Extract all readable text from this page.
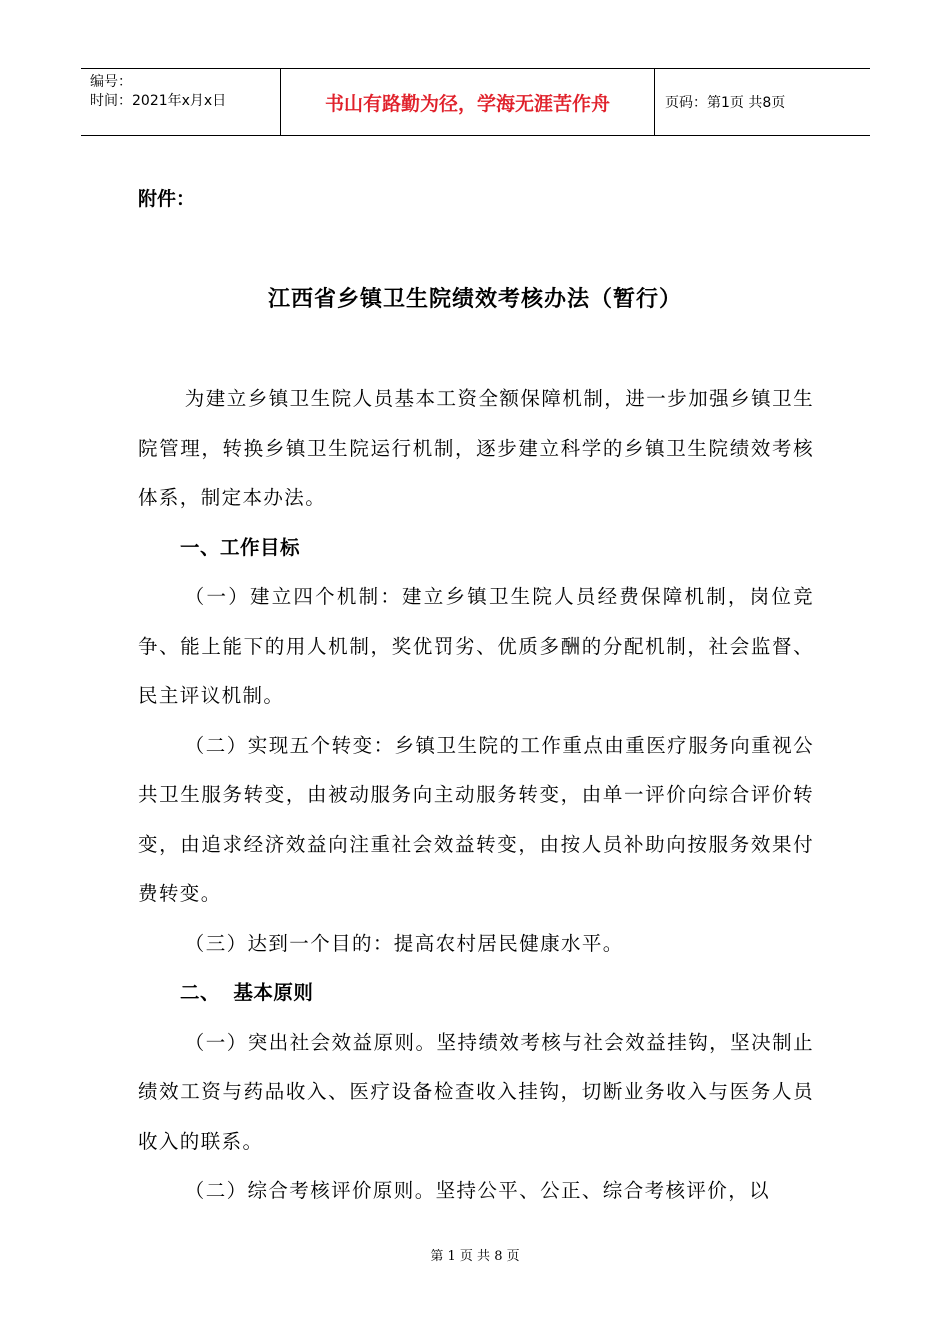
编号：
时间：2021年x月x日	书山有路勤为径，学海无涯苦作舟	页码：第1页 共8页
附件：
江西省乡镇卫生院绩效考核办法（暂行）

为建立乡镇卫生院人员基本工资全额保障机制，进一步加强乡镇卫生院管理，转换乡镇卫生院运行机制，逐步建立科学的乡镇卫生院绩效考核体系，制定本办法。

一、工作目标

（一）建立四个机制：建立乡镇卫生院人员经费保障机制，岗位竞争、能上能下的用人机制，奖优罚劣、优质多酬的分配机制，社会监督、民主评议机制。

（二）实现五个转变：乡镇卫生院的工作重点由重医疗服务向重视公共卫生服务转变，由被动服务向主动服务转变，由单一评价向综合评价转变，由追求经济效益向注重社会效益转变，由按人员补助向按服务效果付费转变。

（三）达到一个目的：提高农村居民健康水平。

二、 基本原则

（一）突出社会效益原则。坚持绩效考核与社会效益挂钩，坚决制止绩效工资与药品收入、医疗设备检查收入挂钩，切断业务收入与医务人员收入的联系。

（二）综合考核评价原则。坚持公平、公正、综合考核评价，以

第 1 页 共 8 页
